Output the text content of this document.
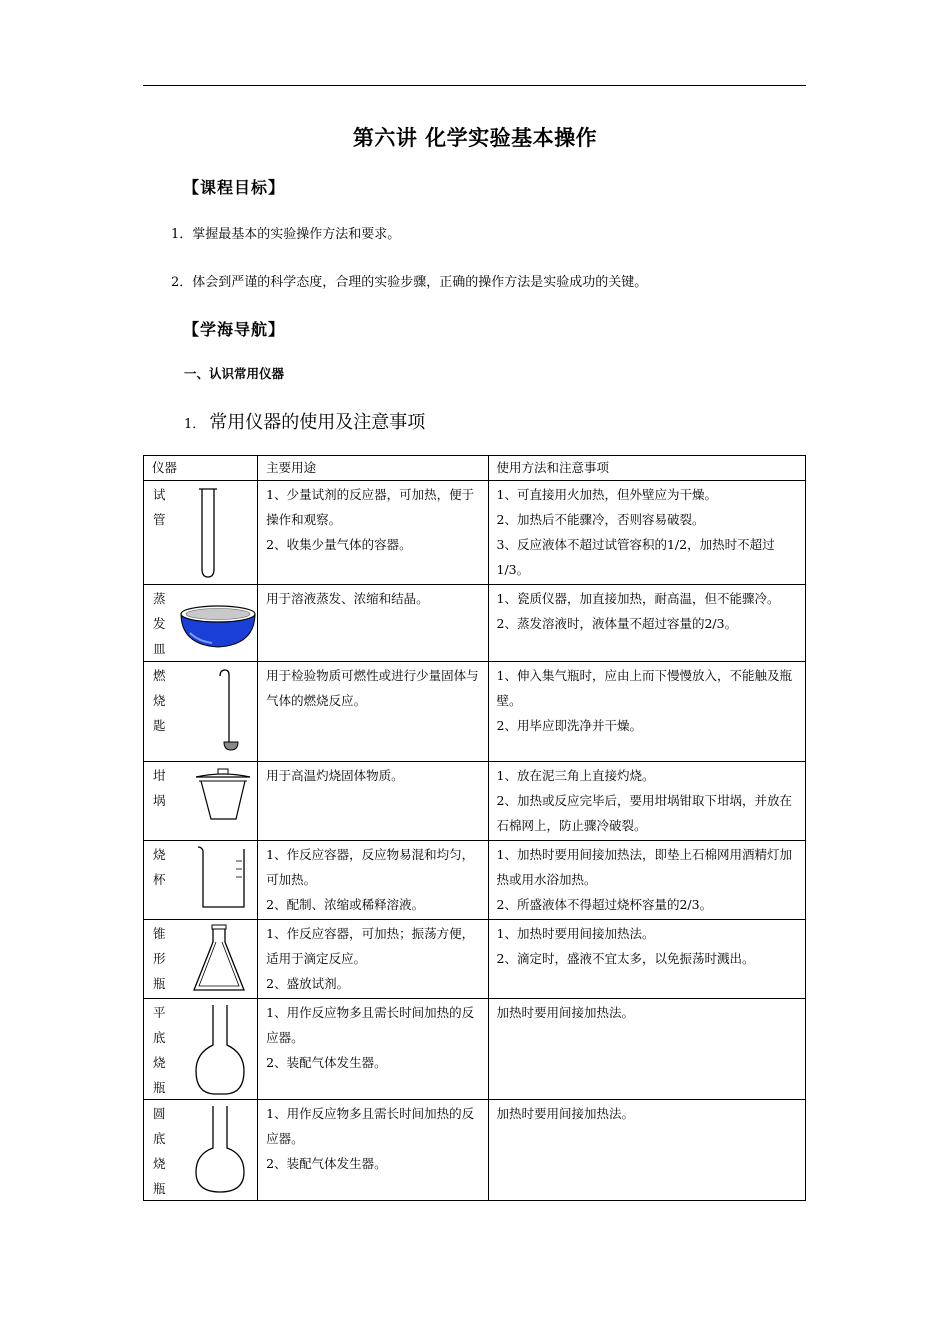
第六讲 化学实验基本操作
【课程目标】
1．掌握最基本的实验操作方法和要求。
2．体会到严谨的科学态度，合理的实验步骤，正确的操作方法是实验成功的关键。
【学海导航】
一、认识常用仪器
1． 常用仪器的使用及注意事项
仪器	主要用途	使用方法和注意事项

试管	1、少量试剂的反应器，可加热，便于操作和观察。
2、收集少量气体的容器。	1、可直接用火加热，但外壁应为干燥。
2、加热后不能骤冷，否则容易破裂。
3、反应液体不超过试管容积的1/2，加热时不超过1/3。

蒸发皿	用于溶液蒸发、浓缩和结晶。	1、瓷质仪器，加直接加热，耐高温，但不能骤冷。
2、蒸发溶液时，液体量不超过容量的2/3。

燃烧匙	用于检验物质可燃性或进行少量固体与气体的燃烧反应。	1、伸入集气瓶时，应由上而下慢慢放入，不能触及瓶壁。
2、用毕应即洗净并干燥。

坩埚	用于高温灼烧固体物质。	1、放在泥三角上直接灼烧。
2、加热或反应完毕后，要用坩埚钳取下坩埚，并放在石棉网上，防止骤冷破裂。

烧杯	1、作反应容器，反应物易混和均匀，可加热。
2、配制、浓缩或稀释溶液。	1、加热时要用间接加热法，即垫上石棉网用酒精灯加热或用水浴加热。
2、所盛液体不得超过烧杯容量的2/3。

锥形瓶	1、作反应容器，可加热；振荡方便，适用于滴定反应。
2、盛放试剂。	1、加热时要用间接加热法。
2、滴定时，盛液不宜太多，以免振荡时溅出。

平底烧瓶	1、用作反应物多且需长时间加热的反应器。
2、装配气体发生器。	加热时要用间接加热法。

圆底烧瓶	1、用作反应物多且需长时间加热的反应器。
2、装配气体发生器。	加热时要用间接加热法。
